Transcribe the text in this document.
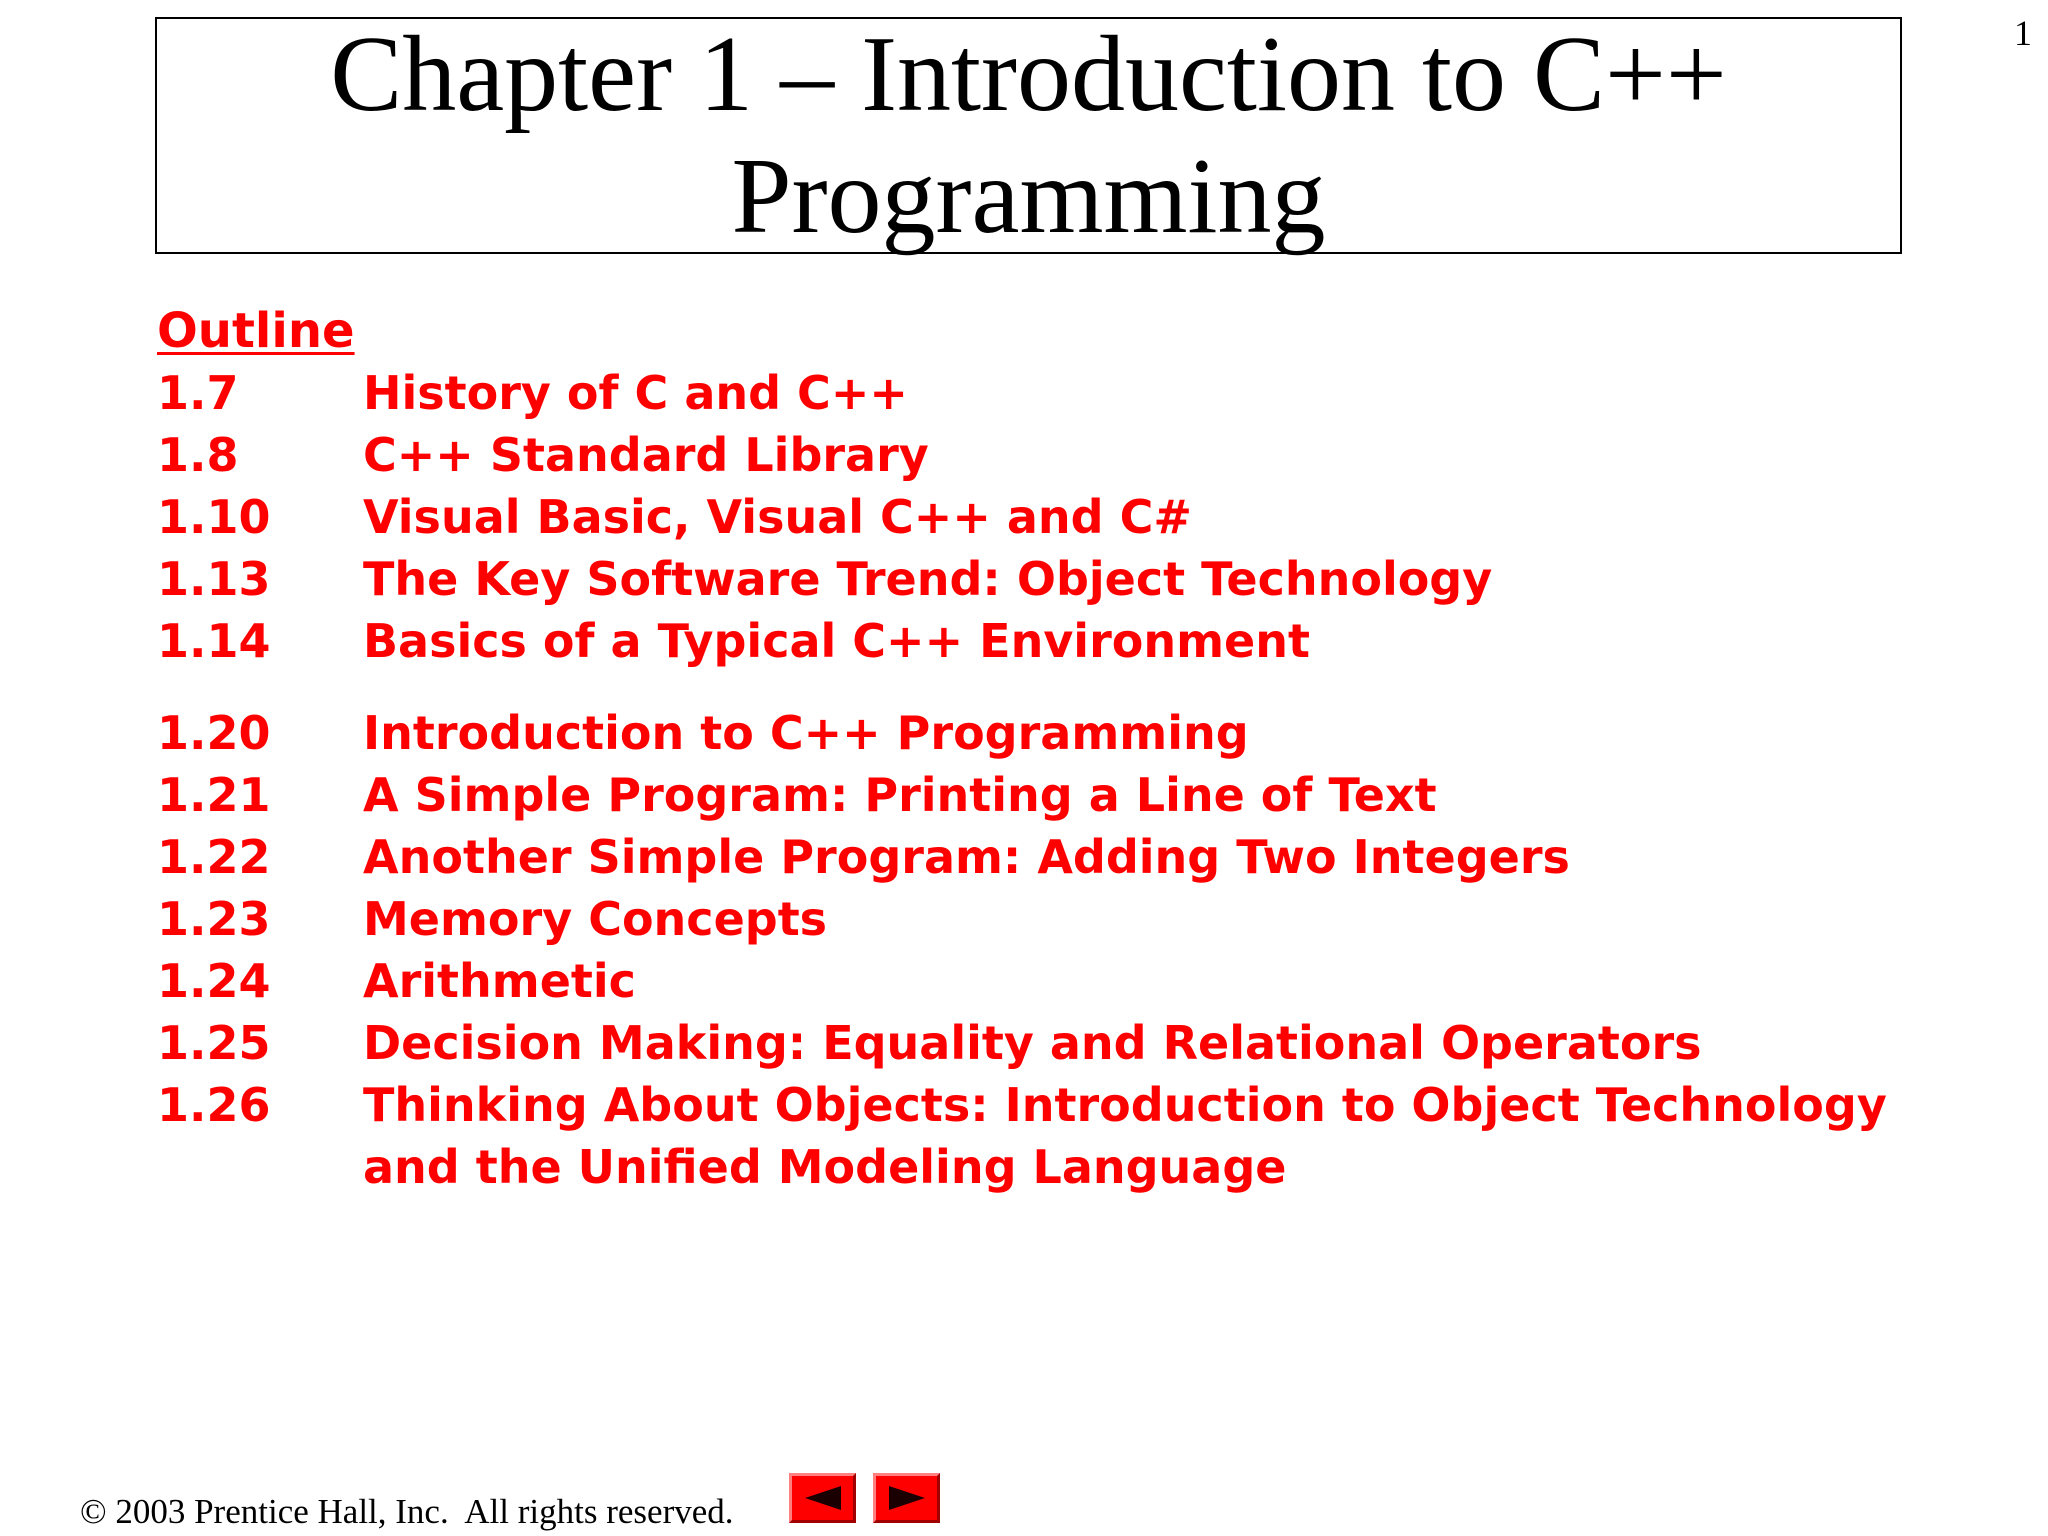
1
Chapter 1 – Introduction to C++
Programming
Outline
1.7	History of C and C++
1.8	C++ Standard Library
1.10	Visual Basic, Visual C++ and C#
1.13	The Key Software Trend: Object Technology
1.14	Basics of a Typical C++ Environment
1.20	Introduction to C++ Programming
1.21	A Simple Program: Printing a Line of Text
1.22	Another Simple Program: Adding Two Integers
1.23	Memory Concepts
1.24	Arithmetic
1.25	Decision Making: Equality and Relational Operators
1.26	Thinking About Objects: Introduction to Object Technology
and the Unified Modeling Language
© 2003 Prentice Hall, Inc.  All rights reserved.
